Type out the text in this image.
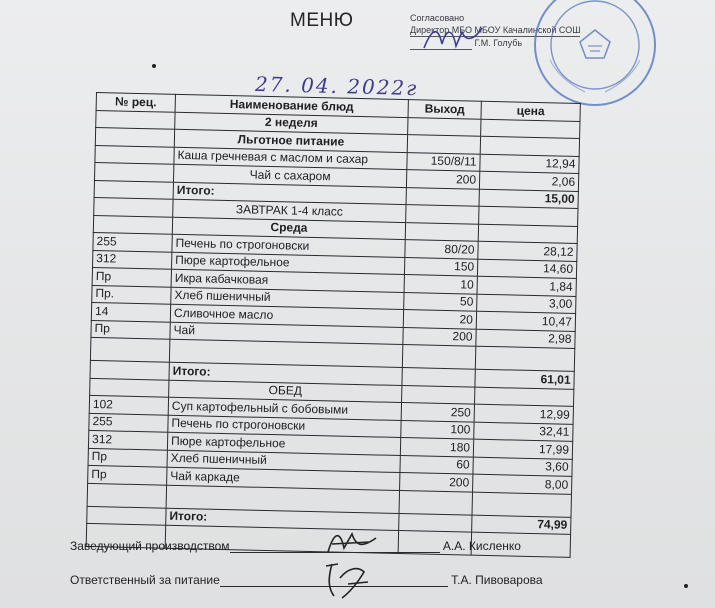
МЕНЮ	Согласовано
Директор МБО МБОУ Качалинской СОШ
Г.М. Голубь
27. 04. 2022г
№ рец.	Наименование блюд	Выход	цена
	2 неделя		
	Льготное питание		
	Каша гречневая с маслом и сахар	150/8/11	12,94
	Чай с сахаром	200	2,06
	Итого:		15,00
	ЗАВТРАК 1-4 класс		
	Среда		
255	Печень по строгоновски	80/20	28,12
312	Пюре картофельное	150	14,60
Пр	Икра кабачковая	10	1,84
Пр.	Хлеб пшеничный	50	3,00
14	Сливочное масло	20	10,47
Пр	Чай	200	2,98

	Итого:		61,01
	ОБЕД		
102	Суп картофельный с бобовыми	250	12,99
255	Печень по строгоновски	100	32,41
312	Пюре картофельное	180	17,99
Пр	Хлеб пшеничный	60	3,60
Пр	Чай каркаде	200	8,00

	Итого:		74,99

Заведующий производством	А.А. Кисленко
Ответственный за питание	Т.А. Пивоварова
